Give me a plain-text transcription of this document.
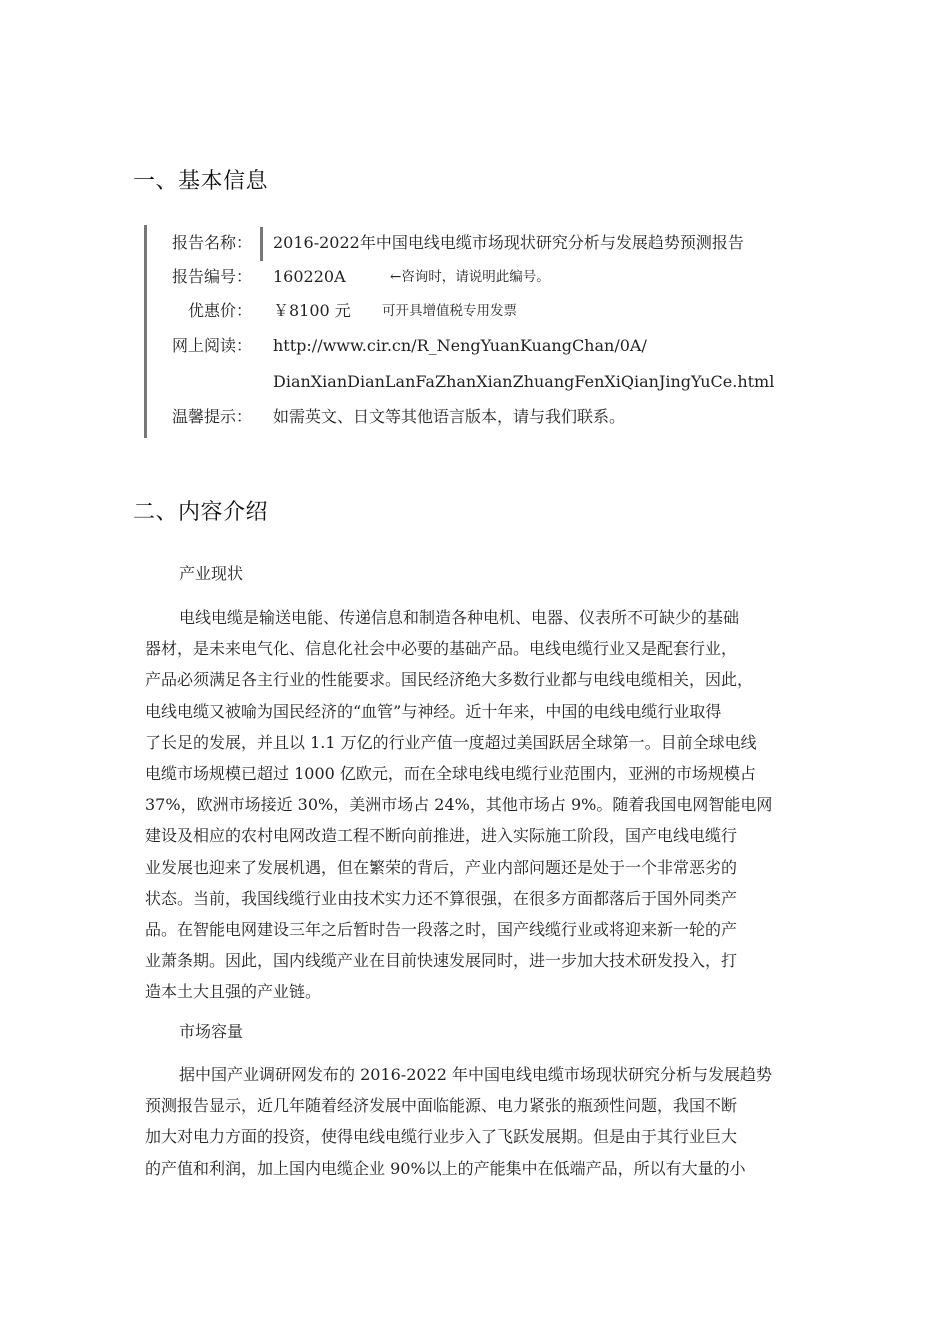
一、基本信息
报告名称： 2016-2022年中国电线电缆市场现状研究分析与发展趋势预测报告
报告编号： 160220A	←咨询时，请说明此编号。
优惠价： ￥8100 元 可开具增值税专用发票
网上阅读： http://www.cir.cn/R_NengYuanKuangChan/0A/
DianXianDianLanFaZhanXianZhuangFenXiQianJingYuCe.html
温馨提示： 如需英文、日文等其他语言版本，请与我们联系。
二、内容介绍

产业现状

电线电缆是输送电能、传递信息和制造各种电机、电器、仪表所不可缺少的基础
器材，是未来电气化、信息化社会中必要的基础产品。电线电缆行业又是配套行业，
产品必须满足各主行业的性能要求。国民经济绝大多数行业都与电线电缆相关，因此，
电线电缆又被喻为国民经济的“血管”与神经。近十年来，中国的电线电缆行业取得
了长足的发展，并且以 1.1 万亿的行业产值一度超过美国跃居全球第一。目前全球电线
电缆市场规模已超过 1000 亿欧元，而在全球电线电缆行业范围内，亚洲的市场规模占
37%，欧洲市场接近 30%，美洲市场占 24%，其他市场占 9%。随着我国电网智能电网
建设及相应的农村电网改造工程不断向前推进，进入实际施工阶段，国产电线电缆行
业发展也迎来了发展机遇，但在繁荣的背后，产业内部问题还是处于一个非常恶劣的
状态。当前，我国线缆行业由技术实力还不算很强，在很多方面都落后于国外同类产
品。在智能电网建设三年之后暂时告一段落之时，国产线缆行业或将迎来新一轮的产
业萧条期。因此，国内线缆产业在目前快速发展同时，进一步加大技术研发投入，打
造本土大且强的产业链。

市场容量

据中国产业调研网发布的 2016-2022 年中国电线电缆市场现状研究分析与发展趋势
预测报告显示，近几年随着经济发展中面临能源、电力紧张的瓶颈性问题，我国不断
加大对电力方面的投资，使得电线电缆行业步入了飞跃发展期。但是由于其行业巨大
的产值和利润，加上国内电缆企业 90%以上的产能集中在低端产品，所以有大量的小
